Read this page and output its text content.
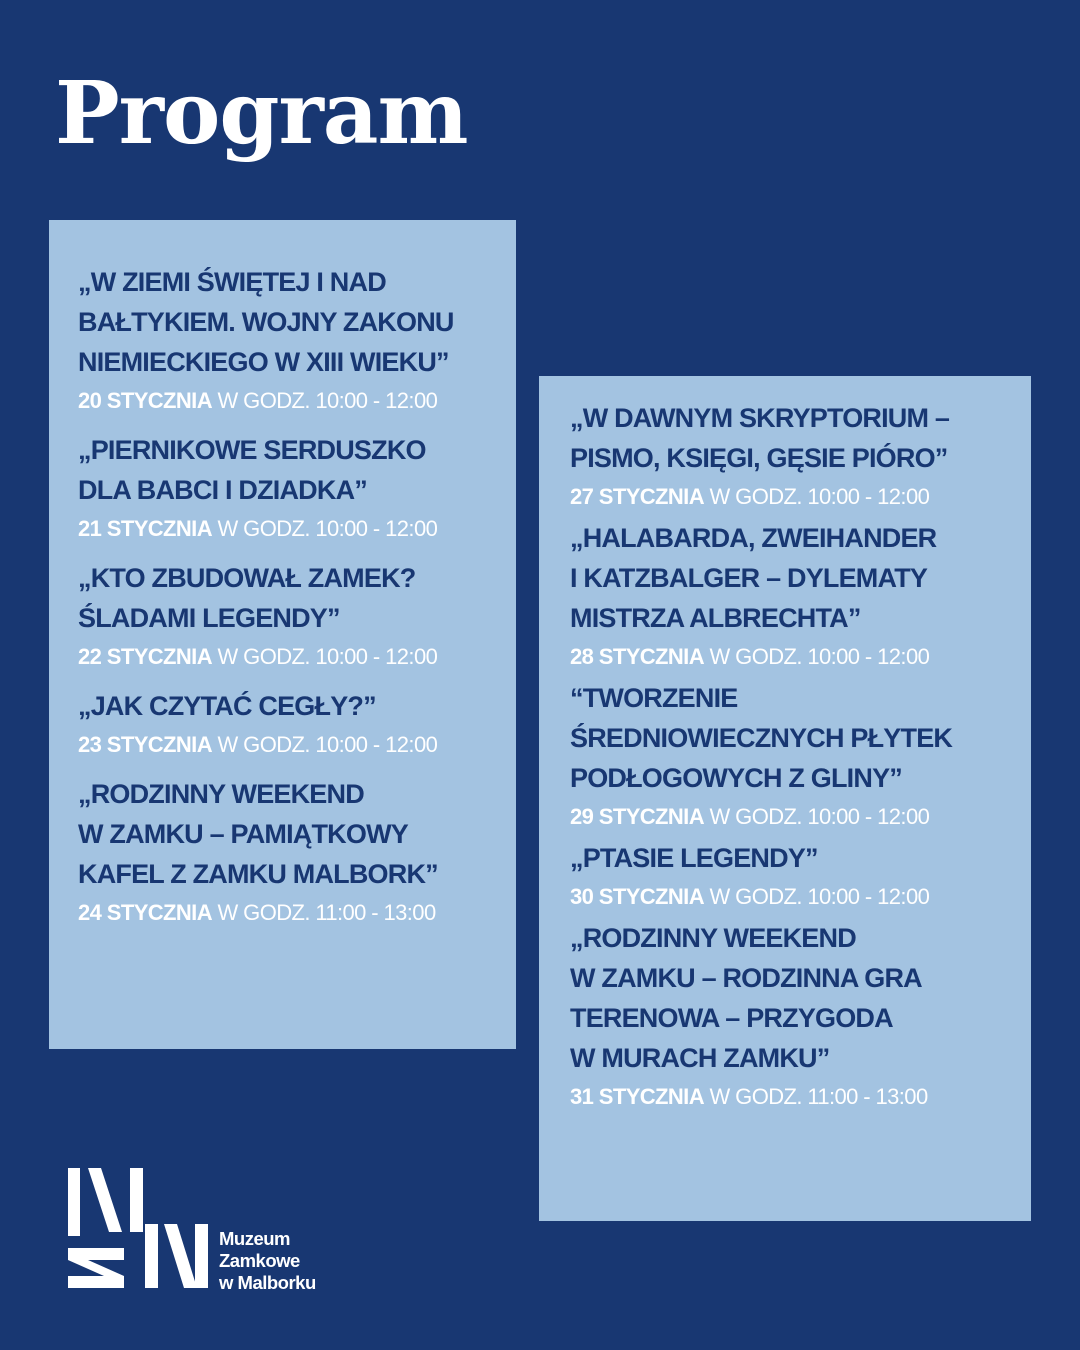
Program
„W ZIEMI ŚWIĘTEJ I NAD
BAŁTYKIEM. WOJNY ZAKONU
NIEMIECKIEGO W XIII WIEKU”
20 STYCZNIA W GODZ. 10:00 - 12:00
„PIERNIKOWE SERDUSZKO
DLA BABCI I DZIADKA”
21 STYCZNIA W GODZ. 10:00 - 12:00
„KTO ZBUDOWAŁ ZAMEK?
ŚLADAMI LEGENDY”
22 STYCZNIA W GODZ. 10:00 - 12:00
„JAK CZYTAĆ CEGŁY?”
23 STYCZNIA W GODZ. 10:00 - 12:00
„RODZINNY WEEKEND
W ZAMKU – PAMIĄTKOWY
KAFEL Z ZAMKU MALBORK”
24 STYCZNIA W GODZ. 11:00 - 13:00
„W DAWNYM SKRYPTORIUM –
PISMO, KSIĘGI, GĘSIE PIÓRO”
27 STYCZNIA W GODZ. 10:00 - 12:00
„HALABARDA, ZWEIHANDER
I KATZBALGER – DYLEMATY
MISTRZA ALBRECHTA”
28 STYCZNIA W GODZ. 10:00 - 12:00
“TWORZENIE
ŚREDNIOWIECZNYCH PŁYTEK
PODŁOGOWYCH Z GLINY”
29 STYCZNIA W GODZ. 10:00 - 12:00
„PTASIE LEGENDY”
30 STYCZNIA W GODZ. 10:00 - 12:00
„RODZINNY WEEKEND
W ZAMKU – RODZINNA GRA
TERENOWA – PRZYGODA
W MURACH ZAMKU”
31 STYCZNIA W GODZ. 11:00 - 13:00
Muzeum
Zamkowe
w Malborku
